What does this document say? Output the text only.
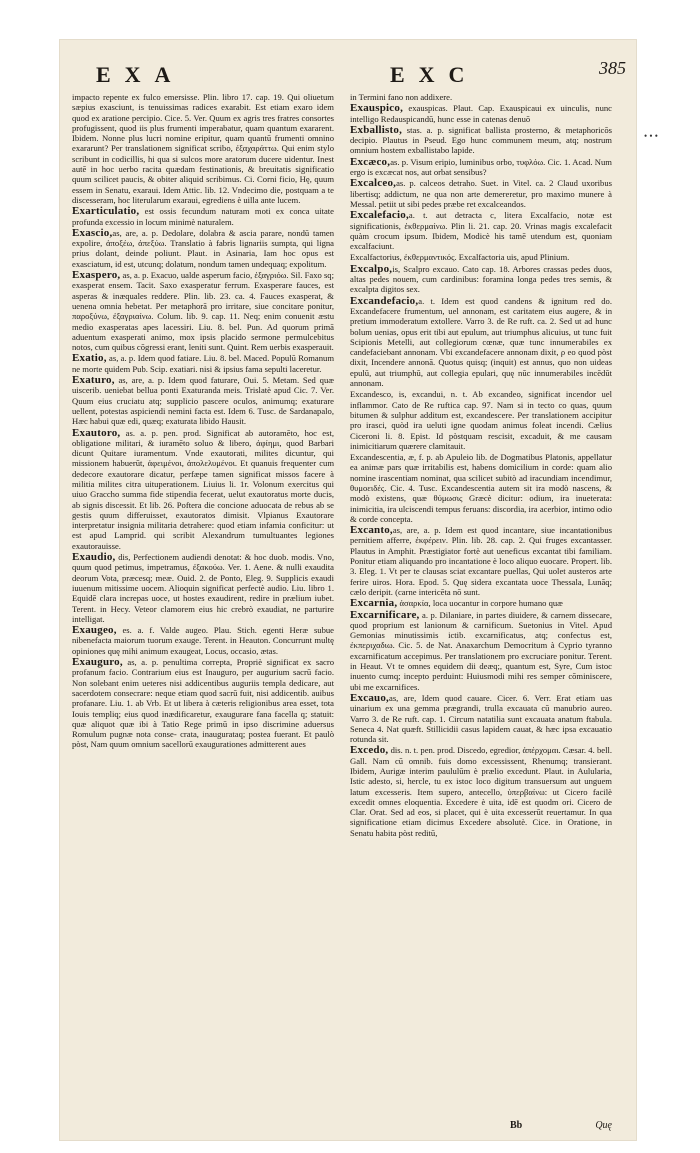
EXA	EXC	385

impacto repente ex fulco emersisse. Plin. libro 17. cap. 19. Qui oliuetum sæpius exasciunt, is tenuissimas radices exarabit. Est etiam exaro idem quod ex aratione percipio. Cice. 5. Ver. Quum ex agris tres fratres consortes profugissent, quod iis plus frumenti imperabatur, quam quantum exararent. Ibidem. Nonne plus lucri nomine eripitur, quam quantū frumenti omnino exararunt? Per translationem significat scribo, ἐξαχαράττω. Qui enim stylo scribunt in codicillis, hi qua si sulcos more aratorum ducere uidentur. Inest autē in hoc uerbo racita quædam festinationis, & breuitatis significatio quum scilicet paucis, & obiter aliquid scribimus. Ci. Corni ficio, Hę, quum essem in Senatu, exaraui. Idem Attic. lib. 12. Vndecimo die, postquam a te discesseram, hoc literularum exaraui, egrediens è uilla ante lucem.

Exarticulatio, est ossis fecundum naturam moti ex conca uitate profunda excessio in locum minimè naturalem.

Exascio,as, are, a. p. Dedolare, dolabra & ascia parare, nondū tamen expolire, ἀποξέω, ἀπεξύω. Translatio à fabris lignariis sumpta, qui ligna prius dolant, deinde poliunt. Plaut. in Asinaria, Iam hoc opus est exasciatum, id est, utcunq; dolatum, nondum tamen undequaq; expolitum.

Exaspero, as, a. p. Exacuo, ualde asperum facio, ἐξαγριόω. Sil. Faxo sq; exasperat ensem. Tacit. Saxo exasperatur ferrum. Exasperare fauces, est asperas & inæquales reddere. Plin. lib. 23. ca. 4. Fauces exasperat, & uenena omnia hebetat. Per metaphorā pro irritare, siue concitare ponitur, παροξύνω, ἐξαγριαίνω. Colum. lib. 9. cap. 11. Neq; enim conuenit æstu medio exasperatas apes lacessiri. Liu. 8. bel. Pun. Ad quorum primā aduentum exasperati animo, mox ipsis placido sermone permulcebitus notos, cum quibus cōgressi erant, leniti sunt. Quint. Rem uerbis exasperauit.

Exatio, as, a. p. Idem quod fatiare. Liu. 8. bel. Maced. Populū Romanum ne morte quidem Pub. Scip. exatiari. nisi & ipsius fama sepulti laceretur.

Exaturo, as, are, a. p. Idem quod faturare, Oui. 5. Metam. Sed quæ uiscerib. ueniebat bellua ponti Exaturanda meis. Trislatè apud Cic. 7. Ver. Quum eius cruciatu atq; supplicio pascere oculos, animumq; exaturare uellent, potestas aspiciendi nemini facta est. Idem 6. Tusc. de Sardanapalo, Hæc habui quæ edi, quæq; exaturata libido Hausit.

Exautoro, as. a. p. pen. prod. Significat ab autoramēto, hoc est, obligatione militari, & iuramēto soluo & libero, ἀφίημι, quod Barbari dicunt Quitare iuramentum. Vnde exautorati, milites dicuntur, qui missionem habuerūt, ἀφειμένοι, ἀπολελυμένοι. Et quanuis frequenter cum dedecore exautorare dicatur, perfæpe tamen significat missos facere à militia milites citra uituperationem. Liuius li. 1r. Volonum exercitus qui uiuo Graccho summa fide stipendia fecerat, uelut exautoratus morte ducis, ab signis discessit. Et lib. 26. Poftera die concione aduocata de rebus ab se gestis quum differuisset, exautoratos dimisit. Vlpianus Exautorare interpretatur insignia militaria detrahere: quod etiam infamia conficitur: ut est apud Lamprid. qui scribit Alexandrum tumultuantes legiones exautorauisse.

Exaudio, dis, Perfectionem audiendi denotat: & hoc duob. modis. Vno, quum quod petimus, impetramus, ἐξακούω. Ver. 1. Aene. & nulli exaudita deorum Vota, præcesq; meæ. Ouid. 2. de Ponto, Eleg. 9. Supplicis exaudi iuuenum mitissime uocem. Alioquin significat perfectè audio. Liu. libro 1. Equidē clara increpas uoce, ut hostes exaudirent, redire in prælium iubet. Terent. in Hecy. Veteor clamorem eius hic crebrò exaudiat, ne parturire intelligat.

Exaugeo, es. a. f. Valde augeo. Plau. Stich. egenti Heræ subue nibenefacta maiorum tuorum exauge. Terent. in Heauton. Concurrunt multę opiniones quę mihi animum exaugeat, Locus, occasio, ætas.

Exauguro, as, a. p. penultima correpta, Propriè significat ex sacro profanum facio. Contrarium eius est Inauguro, per augurium sacrū facio. Non solebant enim ueteres nisi addicentibus auguriis templa dedicare, aut sacerdotem consecrare: neque etiam quod sacrū fuit, nisi addicentib. auibus profanare. Liu. 1. ab Vrb. Et ut libera à cæteris religionibus area esset, tota Iouis templiq; eius quod inædificaretur, exaugurare fana facella q; statuit: quæ aliquot quæ ibi à Tatio Rege primū in ipso discrimine aduersus Romulum pugnæ nota conse- crata, inaugurataq; postea fuerant. Et paulò pòst, Nam quum omnium sacellorū exaugurationes admitterent aues

in Termini fano non addixere.

Exauspico, exauspicas. Plaut. Cap. Exauspicaui ex uinculis, nunc intelligo Redauspicandū, hunc esse in catenas denuō

Exballisto, stas. a. p. significat ballista prosterno, & metaphoricōs decipio. Plautus in Pseud. Ego hunc communem meum, atq; nostrum omnium hostem exballistabo lapide.

Excæco,as. p. Visum eripio, luminibus orbo, τυφλόω. Cic. 1. Acad. Num ergo is excæcat nos, aut orbat sensibus?

Excalceo,as. p. calceos detraho. Suet. in Vitel. ca. 2 Claud uxoribus libertisq; addictum, ne qua non arte demereretur, pro maximo munere à Messal. petiit ut sibi pedes præbe ret excalceandos.

Excalefacio,a. t. aut detracta c, litera Excalfacio, notæ est significationis, ἐκθερμαίνω. Plin li. 21. cap. 20. Vrinas magis excalefacit quàm crocum ipsum. Ibidem, Modicè his tamē utendum est, quoniam excalfaciunt.

Excalfactorius, ἐκθερμαντικός. Excalfactoria uis, apud Plinium.

Excalpo,is, Scalpro excauo. Cato cap. 18. Arbores crassas pedes duos, altas pedes nouem, cum cardinibus: foramina longa pedes tres semis, & excalpta digitos sex.

Excandefacio,a. t. Idem est quod candens & ignitum red do. Excandefacere frumentum, uel annonam, est caritatem eius augere, & in pretium immoderatum extollere. Varro 3. de Re ruft. ca. 2. Sed ut ad hunc bolum uenias, opus erit tibi aut epulum, aut triumphus alicuius, ut tunc fuit Scipionis Metelli, aut collegiorum cœnæ, quæ tunc innumerabiles ex candefaciebant annonam. Vbi excandefacere annonam dixit, ρ eo quod pòst dixit, Incendere annonā. Quotus quisq; (inquit) est annus, quo non uideas epulū, aut triumphū, aut collegia epulari, quę nūc innumerabiles incēdūt annonam.

Excandesco, is, excandui, n. t. Ab excandeo, significat incendor uel inflammor. Cato de Re ruftica cap. 97. Nam si in tecto co quas, quum bitumen & sulphur additum est, excandescere. Per translationem accipitur pro irasci, quòd ira ueluti igne quodam animus foleat incendi. Cælius Ciceroni li. 8. Epist. Id pòstquam rescisit, excaduit, & me causam inimicitiarum quærere clamitauit.

Excandescentia, æ, f. p. ab Apuleio lib. de Dogmatibus Platonis, appellatur ea animæ pars quæ irritabilis est, habens domicilium in corde: quam alio nomine irascentiam nominat, qua scilicet subitò ad iracundiam incendimur, θυμοειδές. Cic. 4. Tusc. Excandescentia autem sit ira modò nascens, & modò existens, quæ θύμωσις Græcè dicitur: odium, ira inueterata: inimicitia, ira ulciscendi tempus feruans: discordia, ira acerbior, intimo odio & corde concepta.

Excanto,as, are, a. p. Idem est quod incantare, siue incantationibus pernitiem afferre, ἐκφέρειν. Plin. lib. 28. cap. 2. Qui fruges excantasser. Plautus in Amphit. Præstigiator fortè aut ueneficus excantat tibi familiam. Ponitur etiam aliquando pro incantatione è loco aliquo euocare. Propert. lib. 3. Eleg. 1. Vt per te clausas sciat excantare puellas, Qui uolet austeros arte ferire uiros. Hora. Epod. 5. Quę sidera excantata uoce Thessala, Lunāq; cælo deripit. (carne intericēta nō sunt.

Excarnia, ἀσαρκία, loca uocantur in corpore humano quæ

Excarnificare, a. p. Dilaniare, in partes diuidere, & carnem dissecare, quod proprium est lanionum & carnificum. Suetonius in Vitel. Apud Gemonias minutissimis ictib. excarnificatus, atq; confectus est, ἐκπεριχαδιω. Cic. 5. de Nat. Anaxarchum Democritum à Cyprio tyranno excarnificatum accepimus. Per translationem pro excruciare ponitur. Terent. in Heaut. Vt te omnes equidem dii deæq;, quantum est, Syre, Cum istoc inuento cumq; incepto perduint: Huiusmodi mihi res semper cōminiscere, ubi me excarnifices.

Excauo,as, are, Idem quod cauare. Cicer. 6. Verr. Erat etiam uas uinarium ex una gemma prægrandi, trulla excauata cū manubrio aureo. Varro 3. de Re ruft. cap. 1. Circum natatilia sunt excauata anatum ftabula. Seneca 4. Nat quæft. Stillicidii casus lapidem cauat, & hæc ipsa excauatio rotunda sit.

Excedo, dis. n. t. pen. prod. Discedo, egredior, ἀπέρχομαι. Cæsar. 4. bell. Gall. Nam cū omnib. fuis domo excessissent, Rhenumq; transierant. Ibidem, Aurigæ interim paululūm è prælio excedunt. Plaut. in Aulularia, Istic adesto, si, hercle, tu ex istoc loco digitum transuersum aut unguem latum excesseris. Item supero, antecello, ὑπερβαίνω: ut Cicero facilè excedit omnes eloquentia. Excedere è uita, idē est quodm ori. Cicero de Clar. Orat. Sed ad eos, si placet, qui è uita excesserūt reuertamur. In qua significatione etiam dicimus Excedere absolutè. Cice. in Oratione, in Senatu habita pòst reditū,

Bb	Quę
• • •
